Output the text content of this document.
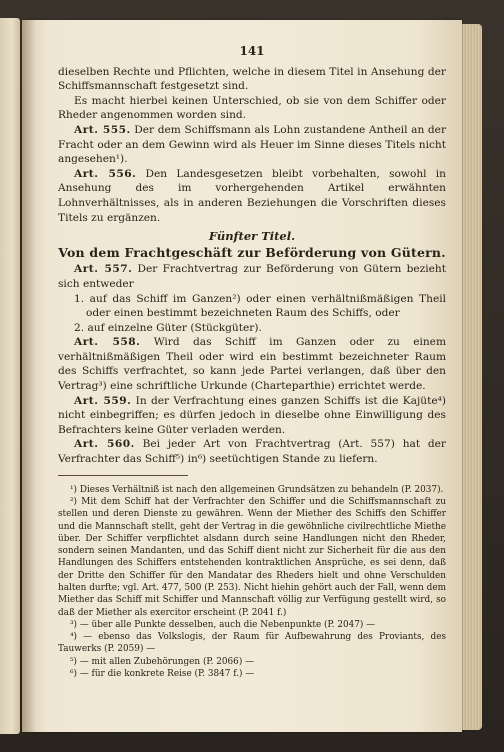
141

dieselben Rechte und Pflichten, welche in diesem Titel in Ansehung der Schiffsmannschaft festgesetzt sind.

Es macht hierbei keinen Unterschied, ob sie von dem Schiffer oder Rheder angenommen worden sind.

Art. 555. Der dem Schiffsmann als Lohn zustandene Antheil an der Fracht oder an dem Gewinn wird als Heuer im Sinne dieses Titels nicht angesehen¹).

Art. 556. Den Landesgesetzen bleibt vorbehalten, sowohl in Ansehung des im vorhergehenden Artikel erwähnten Lohnverhältnisses, als in anderen Beziehungen die Vorschriften dieses Titels zu ergänzen.

Fünfter Titel.
Von dem Frachtgeschäft zur Beförderung von Gütern.

Art. 557. Der Frachtvertrag zur Beförderung von Gütern bezieht sich entweder

1. auf das Schiff im Ganzen²) oder einen verhältnißmäßigen Theil oder einen bestimmt bezeichneten Raum des Schiffs, oder

2. auf einzelne Güter (Stückgüter).

Art. 558. Wird das Schiff im Ganzen oder zu einem verhältnißmäßigen Theil oder wird ein bestimmt bezeichneter Raum des Schiffs verfrachtet, so kann jede Partei verlangen, daß über den Vertrag³) eine schriftliche Urkunde (Charteparthie) errichtet werde.

Art. 559. In der Verfrachtung eines ganzen Schiffs ist die Kajüte⁴) nicht einbegriffen; es dürfen jedoch in dieselbe ohne Einwilligung des Befrachters keine Güter verladen werden.

Art. 560. Bei jeder Art von Frachtvertrag (Art. 557) hat der Verfrachter das Schiff⁵) in⁶) seetüchtigen Stande zu liefern.

¹) Dieses Verhältniß ist nach den allgemeinen Grundsätzen zu behandeln (P. 2037).

²) Mit dem Schiff hat der Verfrachter den Schiffer und die Schiffsmannschaft zu stellen und deren Dienste zu gewähren. Wenn der Miether des Schiffs den Schiffer und die Mannschaft stellt, geht der Vertrag in die gewöhnliche civilrechtliche Miethe über. Der Schiffer verpflichtet alsdann durch seine Handlungen nicht den Rheder, sondern seinen Mandanten, und das Schiff dient nicht zur Sicherheit für die aus den Handlungen des Schiffers entstehenden kontraktlichen Ansprüche, es sei denn, daß der Dritte den Schiffer für den Mandatar des Rheders hielt und ohne Verschulden halten durfte; vgl. Art. 477, 500 (P. 253). Nicht hiehin gehört auch der Fall, wenn dem Miether das Schiff mit Schiffer und Mannschaft völlig zur Verfügung gestellt wird, so daß der Miether als exercitor erscheint (P. 2041 f.)

³) — über alle Punkte desselben, auch die Nebenpunkte (P. 2047) —

⁴) — ebenso das Volkslogis, der Raum für Aufbewahrung des Proviants, des Tauwerks (P. 2059) —

⁵) — mit allen Zubehörungen (P. 2066) —

⁶) — für die konkrete Reise (P. 3847 f.) —
